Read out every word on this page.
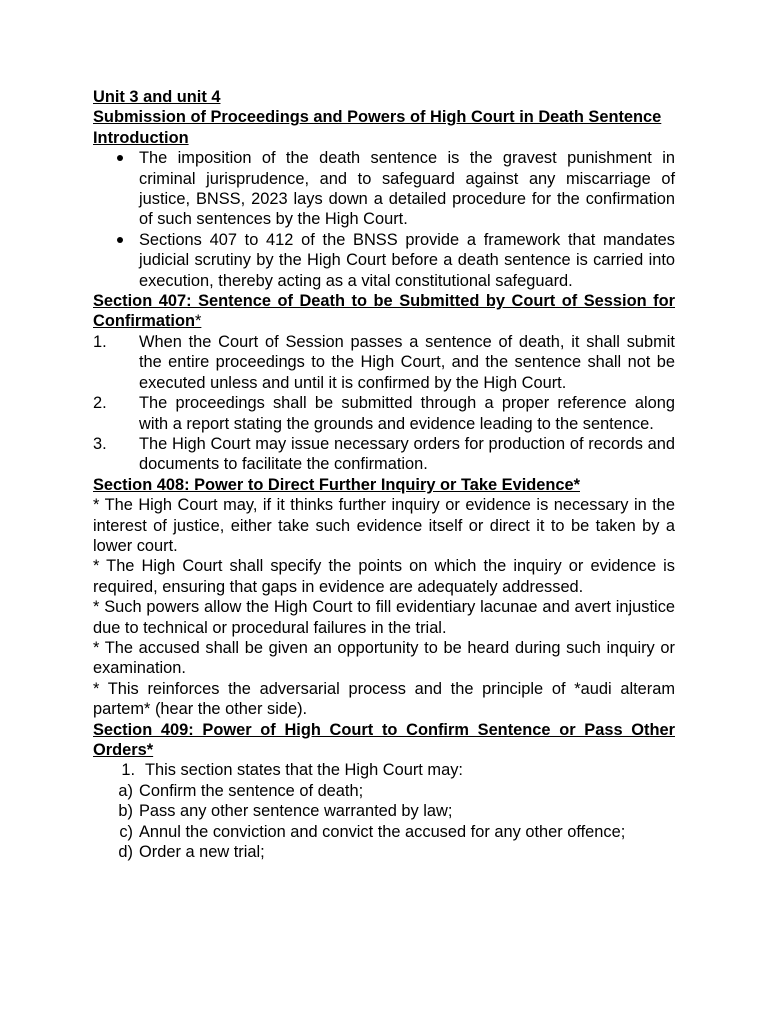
Unit 3 and unit 4
Submission of Proceedings and Powers of High Court in Death Sentence
Introduction
The imposition of the death sentence is the gravest punishment in criminal jurisprudence, and to safeguard against any miscarriage of justice, BNSS, 2023 lays down a detailed procedure for the confirmation of such sentences by the High Court.
Sections 407 to 412 of the BNSS provide a framework that mandates judicial scrutiny by the High Court before a death sentence is carried into execution, thereby acting as a vital constitutional safeguard.
Section 407: Sentence of Death to be Submitted by Court of Session for Confirmation*
1.	When the Court of Session passes a sentence of death, it shall submit the entire proceedings to the High Court, and the sentence shall not be executed unless and until it is confirmed by the High Court.
2.	The proceedings shall be submitted through a proper reference along with a report stating the grounds and evidence leading to the sentence.
3.	The High Court may issue necessary orders for production of records and documents to facilitate the confirmation.
Section 408: Power to Direct Further Inquiry or Take Evidence*

* The High Court may, if it thinks further inquiry or evidence is necessary in the interest of justice, either take such evidence itself or direct it to be taken by a lower court.

* The High Court shall specify the points on which the inquiry or evidence is required, ensuring that gaps in evidence are adequately addressed.

* Such powers allow the High Court to fill evidentiary lacunae and avert injustice due to technical or procedural failures in the trial.

* The accused shall be given an opportunity to be heard during such inquiry or examination.

* This reinforces the adversarial process and the principle of *audi alteram partem* (hear the other side).

Section 409: Power of High Court to Confirm Sentence or Pass Other Orders*
1. This section states that the High Court may:
a) Confirm the sentence of death;
b) Pass any other sentence warranted by law;
c) Annul the conviction and convict the accused for any other offence;
d) Order a new trial;
